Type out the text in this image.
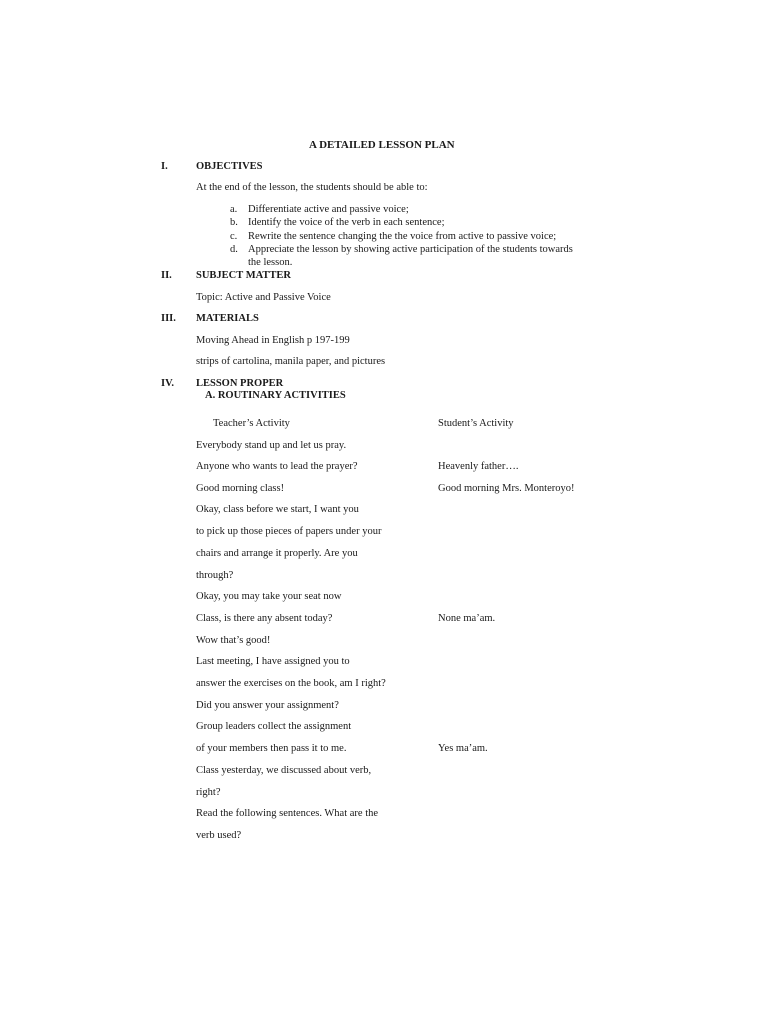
A DETAILED LESSON PLAN
I.	OBJECTIVES
At the end of the lesson, the students should be able to:
a. Differentiate active and passive voice;
b. Identify the voice of the verb in each sentence;
c. Rewrite the sentence changing the the voice from active to passive voice;
d. Appreciate the lesson by showing active participation of the students towards
the lesson.
II. SUBJECT MATTER
Topic: Active and Passive Voice
III. MATERIALS
Moving Ahead in English p 197-199
strips of cartolina, manila paper, and pictures
IV. LESSON PROPER
A. ROUTINARY ACTIVITIES
Teacher’s Activity	Student’s Activity
Everybody stand up and let us pray.
Anyone who wants to lead the prayer?	Heavenly father….
Good morning class!	Good morning Mrs. Monteroyo!
Okay, class before we start, I want you
to pick up those pieces of papers under your
chairs and arrange it properly. Are you
through?
Okay, you may take your seat now
Class, is there any absent today?	None ma’am.
Wow that’s good!
Last meeting, I have assigned you to
answer the exercises on the book, am I right?
Did you answer your assignment?
Group leaders collect the assignment
of your members then pass it to me.	Yes ma’am.
Class yesterday, we discussed about verb,
right?
Read the following sentences. What are the
verb used?
